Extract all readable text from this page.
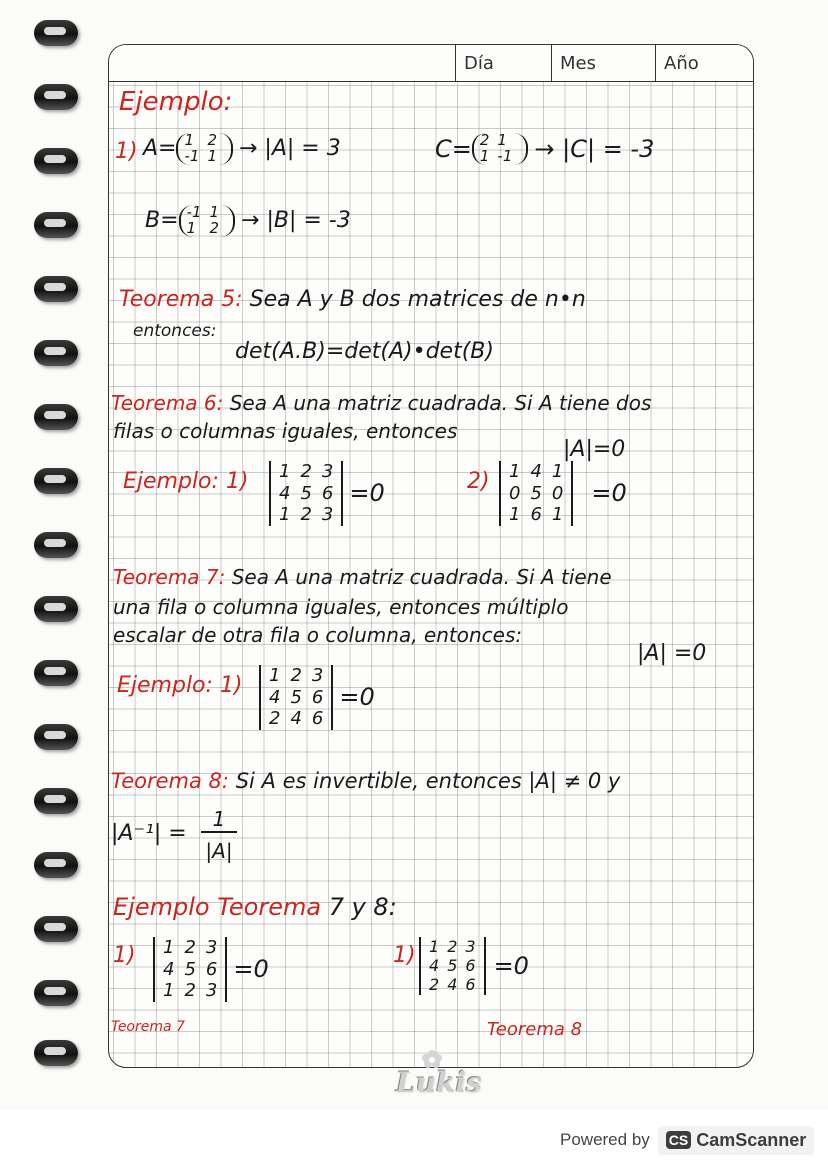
Día	Mes	Año
Ejemplo:
1) A= 1 2
-1 1 → |A| = 3	C= 2 1
1 -1 → |C| = -3
B= -1 1
1 2 → |B| = -3
Teorema 5: Sea A y B dos matrices de n•n
entonces:
det(A.B)=det(A)•det(B)
Teorema 6: Sea A una matriz cuadrada. Si A tiene dos
filas o columnas iguales, entonces
|A|=0
Ejemplo: 1) 1 2 3
4 5 6
1 2 3
=0	2) 1 4 1
0 5 0
1 6 1
=0
Teorema 7: Sea A una matriz cuadrada. Si A tiene
una fila o columna iguales, entonces múltiplo
escalar de otra fila o columna, entonces:
|A| =0
Ejemplo: 1) 1 2 3
4 5 6
2 4 6
=0
Teorema 8: Si A es invertible, entonces |A| ≠ 0 y
|A⁻¹| =
1
|A|
Ejemplo Teorema 7 y 8:
1) 1 2 3
4 5 6
1 2 3
=0
Teorema 7
1) 1 2 3
4 5 6
2 4 6
=0
Teorema 8
Lukis
Powered by CS CamScanner
